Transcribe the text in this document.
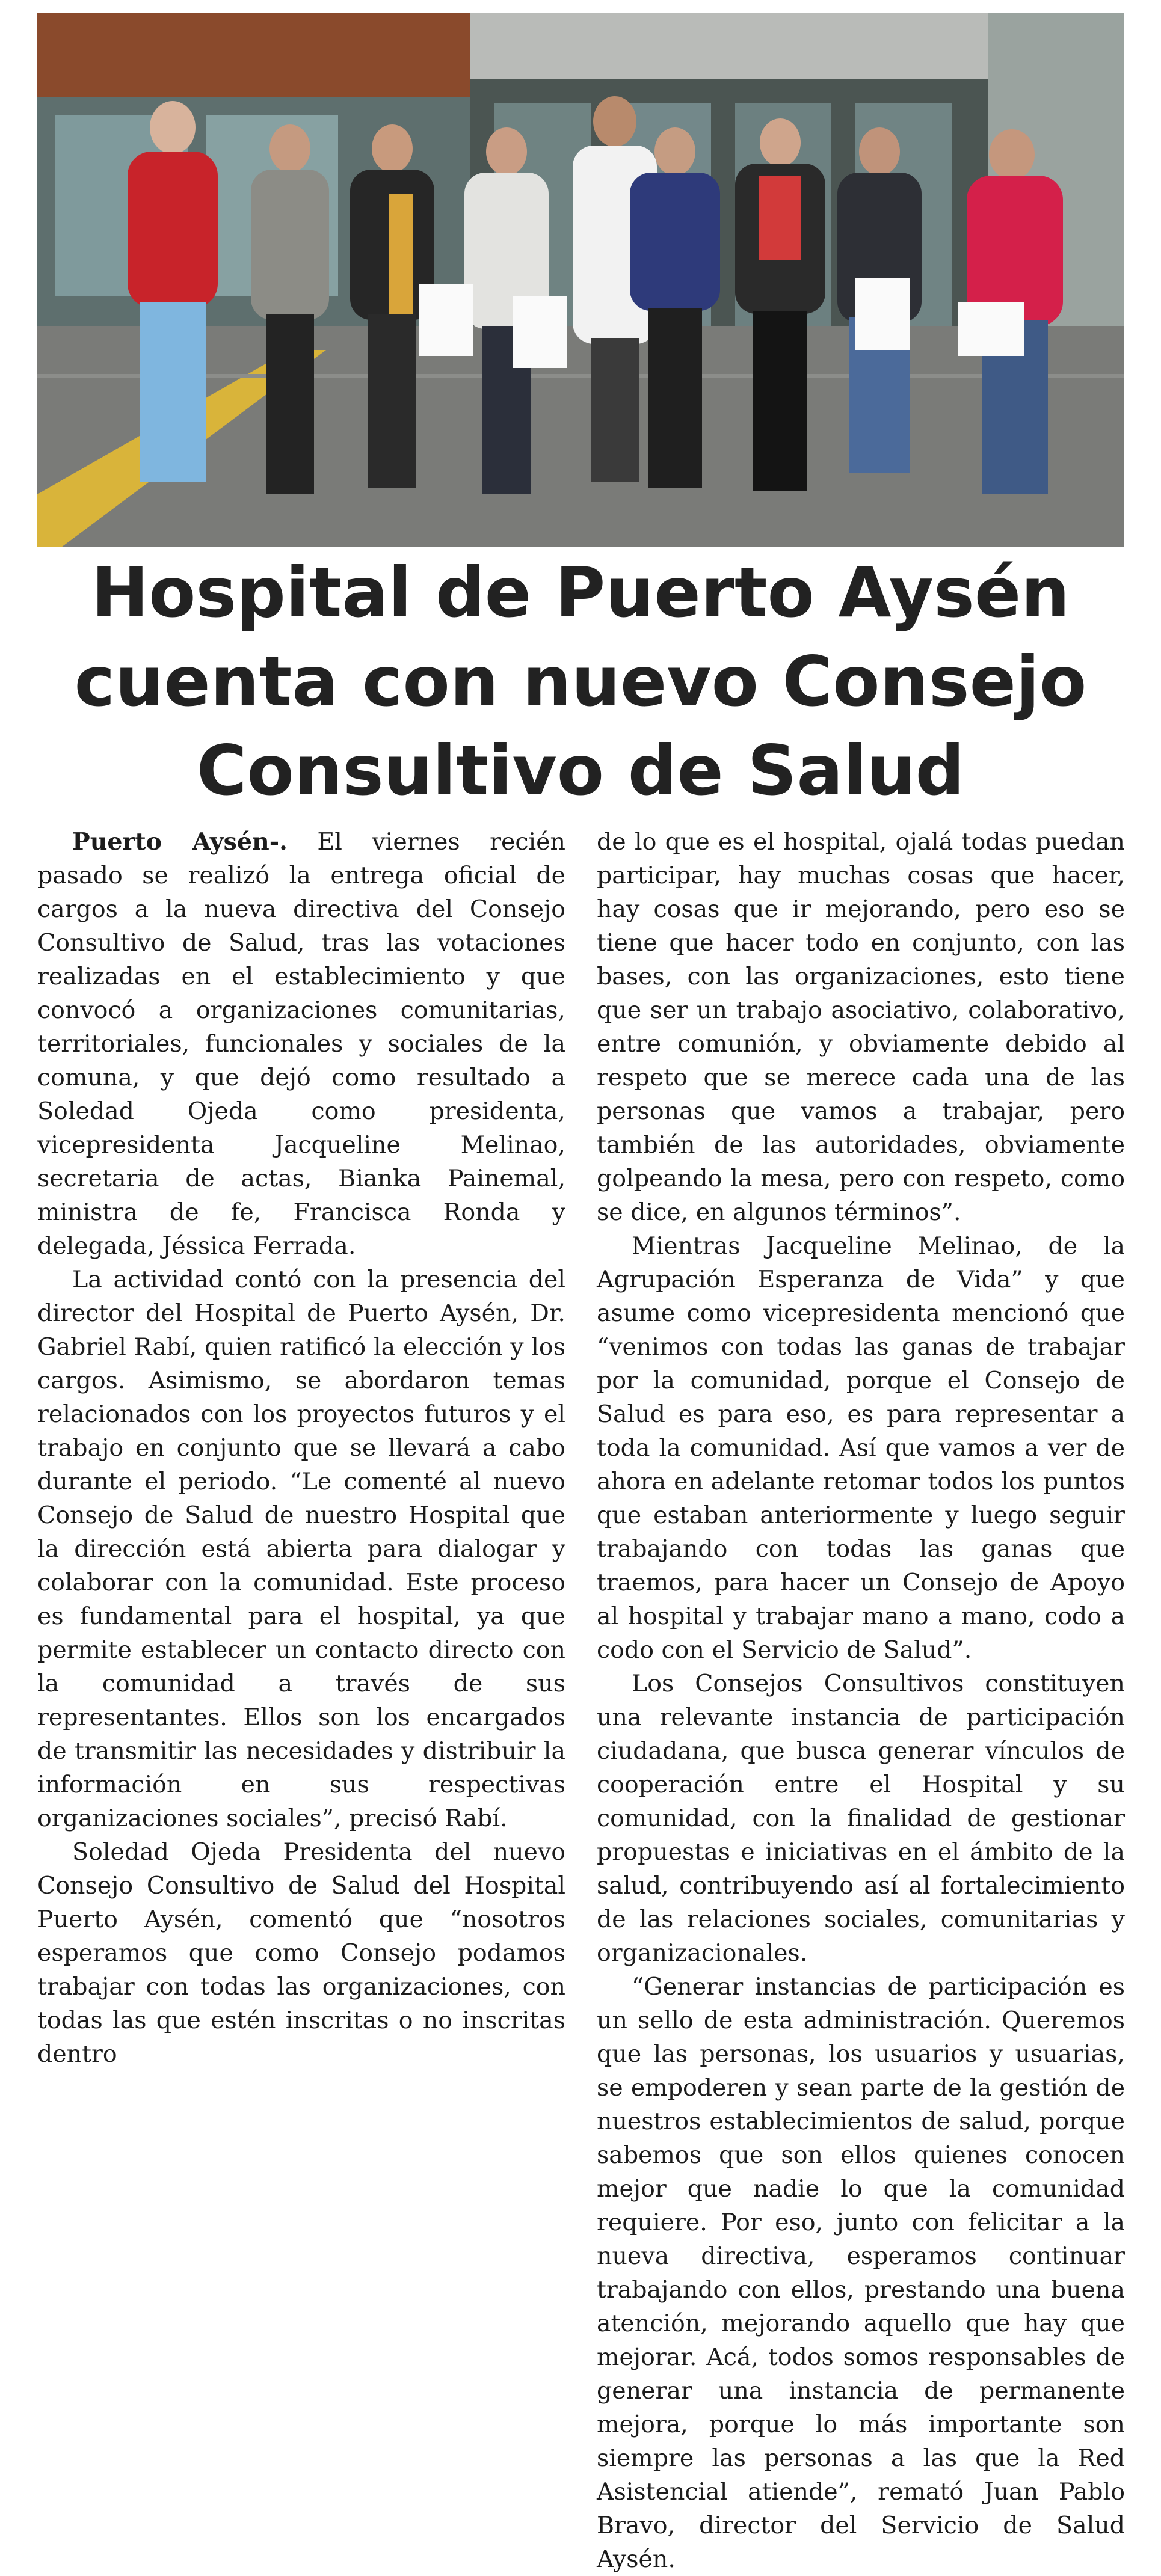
Hospital de Puerto Aysén
cuenta con nuevo Consejo
Consultivo de Salud

Puerto Aysén-. El viernes recién pasado se realizó la entrega oficial de cargos a la nueva directiva del Consejo Consultivo de Salud, tras las votaciones realizadas en el establecimiento y que convocó a organizaciones comunitarias, territoriales, funcionales y sociales de la comuna, y que dejó como resultado a Soledad Ojeda como presidenta, vicepresidenta Jacqueline Melinao, secretaria de actas, Bianka Painemal, ministra de fe, Francisca Ronda y delegada, Jéssica Ferrada.

La actividad contó con la presencia del director del Hospital de Puerto Aysén, Dr. Gabriel Rabí, quien ratificó la elección y los cargos. Asimismo, se abordaron temas relacionados con los proyectos futuros y el trabajo en conjunto que se llevará a cabo durante el periodo. “Le comenté al nuevo Consejo de Salud de nuestro Hospital que la dirección está abierta para dialogar y colaborar con la comunidad. Este proceso es fundamental para el hospital, ya que permite establecer un contacto directo con la comunidad a través de sus representantes. Ellos son los encargados de transmitir las necesidades y distribuir la información en sus respectivas organizaciones sociales”, precisó Rabí.

Soledad Ojeda Presidenta del nuevo Consejo Consultivo de Salud del Hospital Puerto Aysén, comentó que “nosotros esperamos que como Consejo podamos trabajar con todas las organizaciones, con todas las que estén inscritas o no inscritas dentro

de lo que es el hospital, ojalá todas puedan participar, hay muchas cosas que hacer, hay cosas que ir mejorando, pero eso se tiene que hacer todo en conjunto, con las bases, con las organizaciones, esto tiene que ser un trabajo asociativo, colaborativo, entre comunión, y obviamente debido al respeto que se merece cada una de las personas que vamos a trabajar, pero también de las autoridades, obviamente golpeando la mesa, pero con respeto, como se dice, en algunos términos”.

Mientras Jacqueline Melinao, de la Agrupación Esperanza de Vida” y que asume como vicepresidenta mencionó que “venimos con todas las ganas de trabajar por la comunidad, porque el Consejo de Salud es para eso, es para representar a toda la comunidad. Así que vamos a ver de ahora en adelante retomar todos los puntos que estaban anteriormente y luego seguir trabajando con todas las ganas que traemos, para hacer un Consejo de Apoyo al hospital y trabajar mano a mano, codo a codo con el Servicio de Salud”.

Los Consejos Consultivos constituyen una relevante instancia de participación ciudadana, que busca generar vínculos de cooperación entre el Hospital y su comunidad, con la finalidad de gestionar propuestas e iniciativas en el ámbito de la salud, contribuyendo así al fortalecimiento de las relaciones sociales, comunitarias y organizacionales.

“Generar instancias de participación es un sello de esta administración. Queremos que las personas, los usuarios y usuarias, se empoderen y sean parte de la gestión de nuestros establecimientos de salud, porque sabemos que son ellos quienes conocen mejor que nadie lo que la comunidad requiere. Por eso, junto con felicitar a la nueva directiva, esperamos continuar trabajando con ellos, prestando una buena atención, mejorando aquello que hay que mejorar. Acá, todos somos responsables de generar una instancia de permanente mejora, porque lo más importante son siempre las personas a las que la Red Asistencial atiende”, remató Juan Pablo Bravo, director del Servicio de Salud Aysén.
